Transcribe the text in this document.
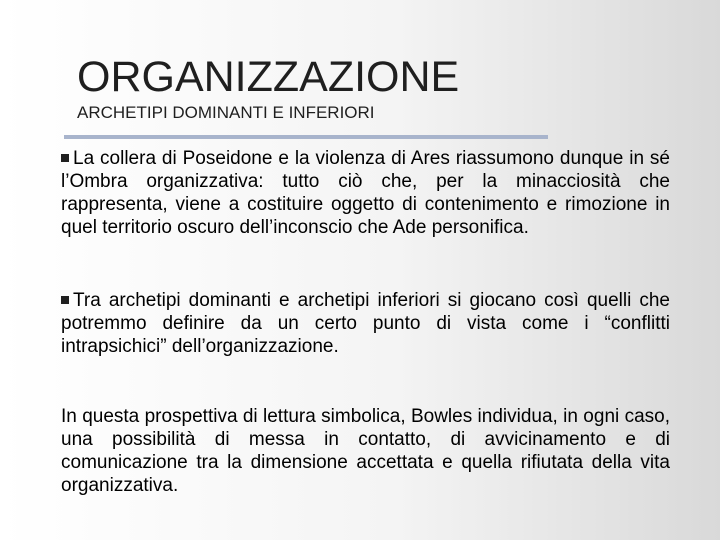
ORGANIZZAZIONE
ARCHETIPI DOMINANTI E INFERIORI

La collera di Poseidone e la violenza di Ares riassumono dunque in sé l’Ombra organizzativa: tutto ciò che, per la minacciosità che rappresenta, viene a costituire oggetto di contenimento e rimozione in quel territorio oscuro dell’inconscio che Ade personifica.

Tra archetipi dominanti e archetipi inferiori si giocano così quelli che potremmo definire da un certo punto di vista come i “conflitti intrapsichici” dell’organizzazione.

In questa prospettiva di lettura simbolica, Bowles individua, in ogni caso, una possibilità di messa in contatto, di avvicinamento e di comunicazione tra la dimensione accettata e quella rifiutata della vita organizzativa.
